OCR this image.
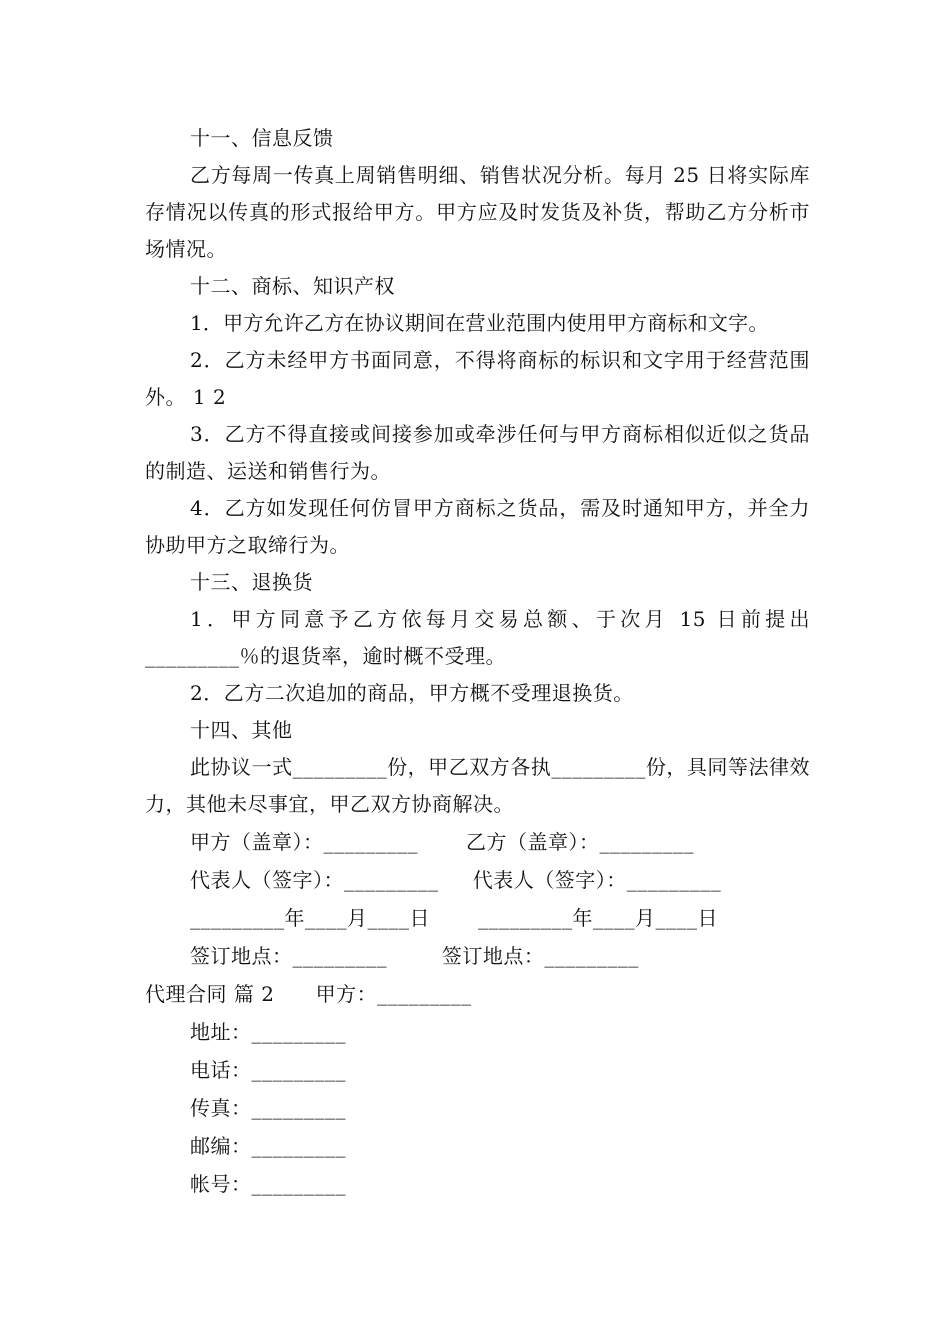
十一、信息反馈

乙方每周一传真上周销售明细、销售状况分析。每月 25 日将实际库存情况以传真的形式报给甲方。甲方应及时发货及补货，帮助乙方分析市场情况。

十二、商标、知识产权

1．甲方允许乙方在协议期间在营业范围内使用甲方商标和文字。

2．乙方未经甲方书面同意，不得将商标的标识和文字用于经营范围外。 1 2

3．乙方不得直接或间接参加或牵涉任何与甲方商标相似近似之货品的制造、运送和销售行为。

4．乙方如发现任何仿冒甲方商标之货品，需及时通知甲方，并全力协助甲方之取缔行为。

十三、退换货

1．甲方同意予乙方依每月交易总额、于次月 15 日前提出_________％的退货率，逾时概不受理。

2．乙方二次追加的商品，甲方概不受理退换货。

十四、其他

此协议一式_________份，甲乙双方各执_________份，具同等法律效力，其他未尽事宜，甲乙双方协商解决。

甲方（盖章）：_________       乙方（盖章）：_________

代表人（签字）：_________     代表人（签字）：_________

_________年____月____日       _________年____月____日

签订地点：_________        签订地点：_________

代理合同 篇 2      甲方：_________

地址：_________

电话：_________

传真：_________

邮编：_________

帐号：_________
